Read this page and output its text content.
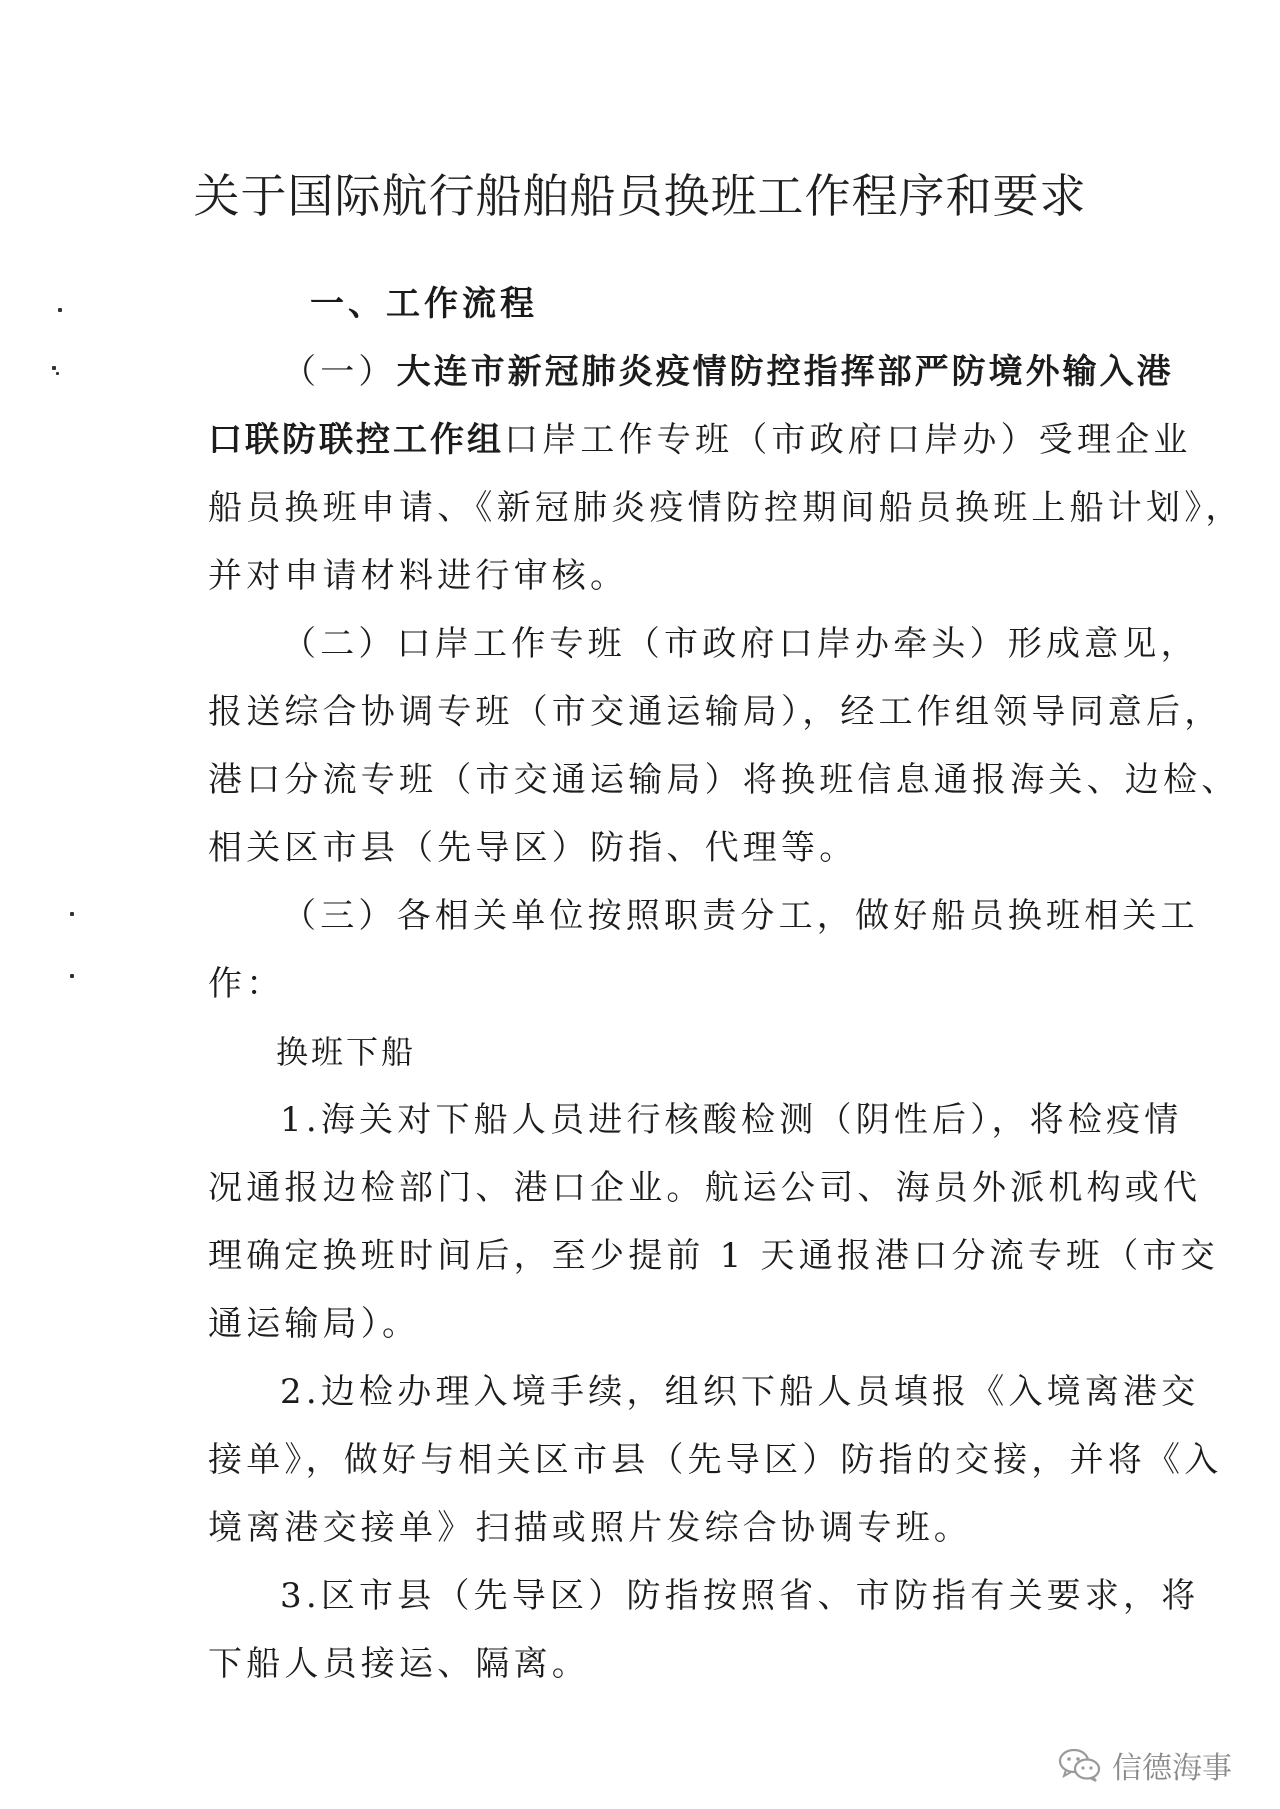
关于国际航行船舶船员换班工作程序和要求
一、工作流程
（一）大连市新冠肺炎疫情防控指挥部严防境外输入港
口联防联控工作组口岸工作专班（市政府口岸办）受理企业
船员换班申请、《新冠肺炎疫情防控期间船员换班上船计划》，
并对申请材料进行审核。
（二）口岸工作专班（市政府口岸办牵头）形成意见，
报送综合协调专班（市交通运输局），经工作组领导同意后，
港口分流专班（市交通运输局）将换班信息通报海关、边检、
相关区市县（先导区）防指、代理等。
（三）各相关单位按照职责分工，做好船员换班相关工
作：
换班下船
1.海关对下船人员进行核酸检测（阴性后），将检疫情
况通报边检部门、港口企业。航运公司、海员外派机构或代
理确定换班时间后，至少提前 1 天通报港口分流专班（市交
通运输局）。
2.边检办理入境手续，组织下船人员填报《入境离港交
接单》，做好与相关区市县（先导区）防指的交接，并将《入
境离港交接单》扫描或照片发综合协调专班。
3.区市县（先导区）防指按照省、市防指有关要求，将
下船人员接运、隔离。
信德海事
